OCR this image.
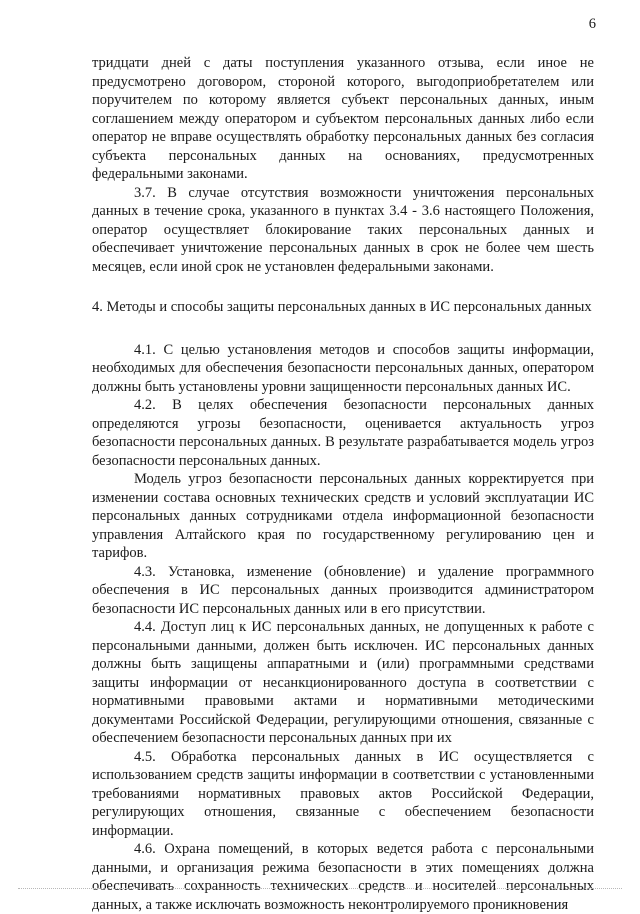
6

тридцати дней с даты поступления указанного отзыва, если иное не предусмотрено договором, стороной которого, выгодоприобретателем или поручителем по которому является субъект персональных данных, иным соглашением между оператором и субъектом персональных данных либо если оператор не вправе осуществлять обработку персональных данных без согласия субъекта персональных данных на основаниях, предусмотренных федеральными законами.

3.7. В случае отсутствия возможности уничтожения персональных данных в течение срока, указанного в пунктах 3.4 - 3.6 настоящего Положения, оператор осуществляет блокирование таких персональных данных и обеспечивает уничтожение персональных данных в срок не более чем шесть месяцев, если иной срок не установлен федеральными законами.

4. Методы и способы защиты персональных данных в ИС персональных данных

4.1. С целью установления методов и способов защиты информации, необходимых для обеспечения безопасности персональных данных, оператором должны быть установлены уровни защищенности персональных данных ИС.

4.2. В целях обеспечения безопасности персональных данных определяются угрозы безопасности, оценивается актуальность угроз безопасности персональных данных. В результате разрабатывается модель угроз безопасности персональных данных.

Модель угроз безопасности персональных данных корректируется при изменении состава основных технических средств и условий эксплуатации ИС персональных данных сотрудниками отдела информационной безопасности управления Алтайского края по государственному регулированию цен и тарифов.

4.3. Установка, изменение (обновление) и удаление программного обеспечения в ИС персональных данных производится администратором безопасности ИС персональных данных или в его присутствии.

4.4. Доступ лиц к ИС персональных данных, не допущенных к работе с персональными данными, должен быть исключен. ИС персональных данных должны быть защищены аппаратными и (или) программными средствами защиты информации от несанкционированного доступа в соответствии с нормативными правовыми актами и нормативными методическими документами Российской Федерации, регулирующими отношения, связанные с обеспечением безопасности персональных данных при их

4.5. Обработка персональных данных в ИС осуществляется с использованием средств защиты информации в соответствии с установленными требованиями нормативных правовых актов Российской Федерации, регулирующих отношения, связанные с обеспечением безопасности информации.

4.6. Охрана помещений, в которых ведется работа с персональными данными, и организация режима безопасности в этих помещениях должна обеспечивать сохранность технических средств и носителей персональных данных, а также исключать возможность неконтролируемого проникновения
